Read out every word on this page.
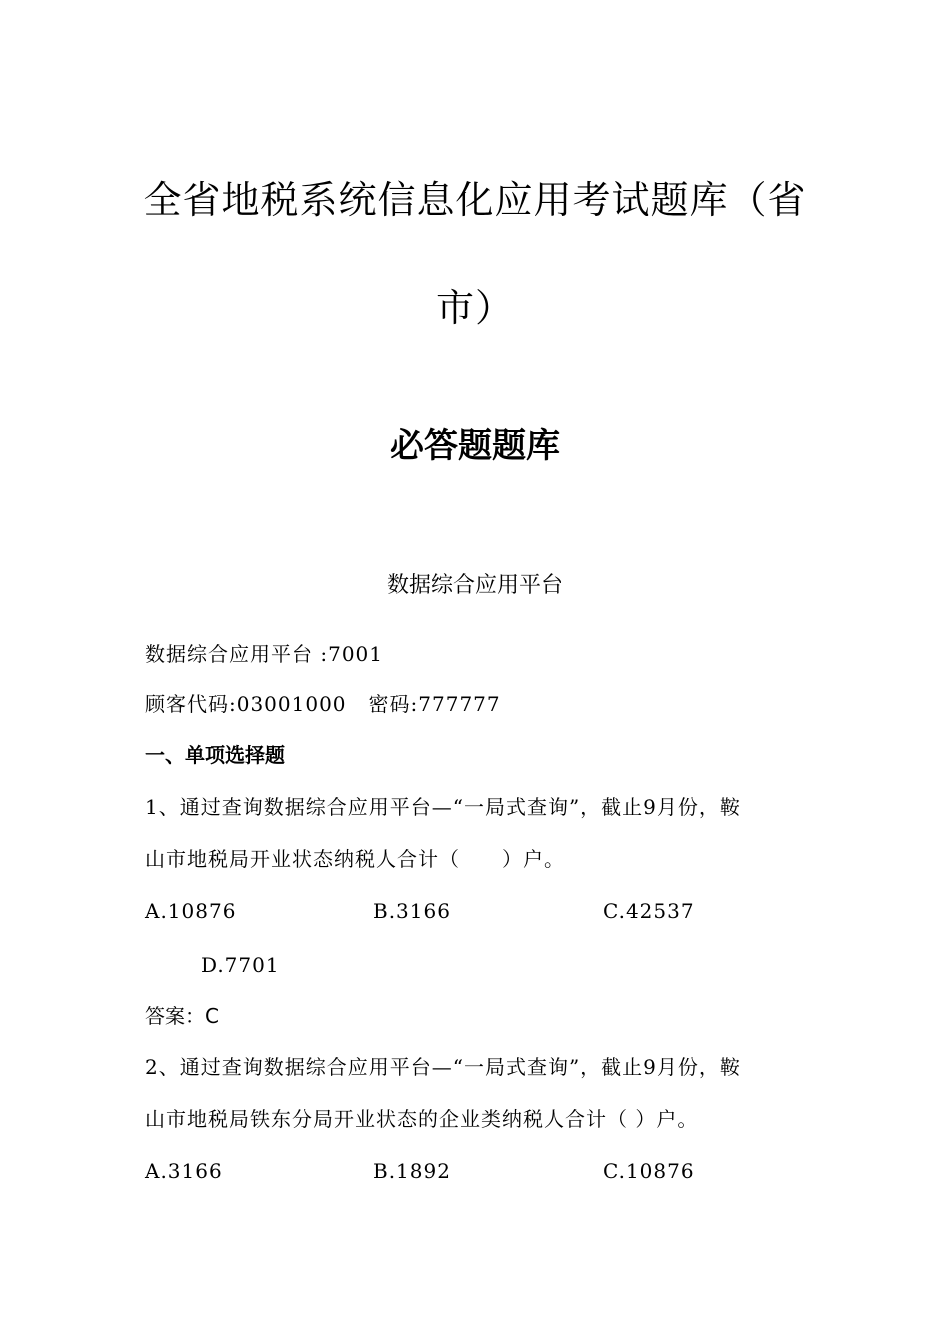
全省地税系统信息化应用考试题库（省
市）
必答题题库
数据综合应用平台
数据综合应用平台 :7001
顾客代码:03001000 密码:777777
一、单项选择题
1、通过查询数据综合应用平台—“一局式查询”，截止9月份，鞍
山市地税局开业状态纳税人合计（　　）户。
A.10876	B.3166	C.42537
D.7701
答案：C
2、通过查询数据综合应用平台—“一局式查询”，截止9月份，鞍
山市地税局铁东分局开业状态的企业类纳税人合计（ ）户。
A.3166	B.1892	C.10876
